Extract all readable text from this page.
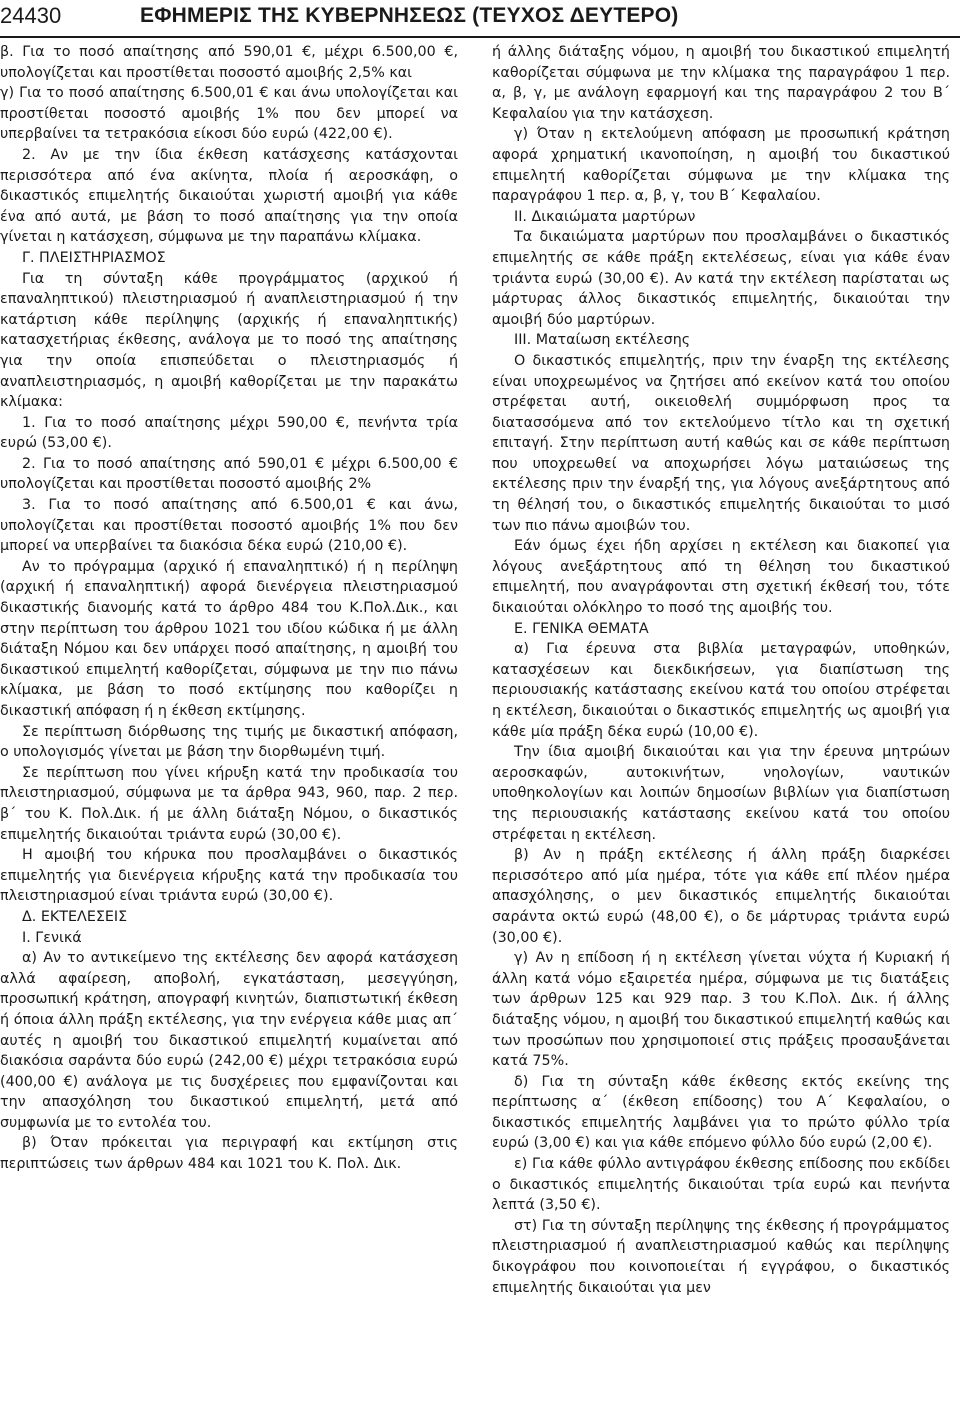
24430	ΕΦΗΜΕΡΙΣ ΤΗΣ ΚΥΒΕΡΝΗΣΕΩΣ (ΤΕΥΧΟΣ ΔΕΥΤΕΡΟ)

β. Για το ποσό απαίτησης από 590,01 €, μέχρι 6.500,00 €, υπολογίζεται και προστίθεται ποσοστό αμοιβής 2,5% και

γ) Για το ποσό απαίτησης 6.500,01 € και άνω υπολογίζεται και προστίθεται ποσοστό αμοιβής 1% που δεν μπορεί να υπερβαίνει τα τετρακόσια είκοσι δύο ευρώ (422,00 €).

2. Αν με την ίδια έκθεση κατάσχεσης κατάσχονται περισσότερα από ένα ακίνητα, πλοία ή αεροσκάφη, ο δικαστικός επιμελητής δικαιούται χωριστή αμοιβή για κάθε ένα από αυτά, με βάση το ποσό απαίτησης για την οποία γίνεται η κατάσχεση, σύμφωνα με την παραπάνω κλίμακα.

Γ. ΠΛΕΙΣΤΗΡΙΑΣΜΟΣ

Για τη σύνταξη κάθε προγράμματος (αρχικού ή επαναληπτικού) πλειστηριασμού ή αναπλειστηριασμού ή την κατάρτιση κάθε περίληψης (αρχικής ή επαναληπτικής) κατασχετήριας έκθεσης, ανάλογα με το ποσό της απαίτησης για την οποία επισπεύδεται ο πλειστηριασμός ή αναπλειστηριασμός, η αμοιβή καθορίζεται με την παρακάτω κλίμακα:

1. Για το ποσό απαίτησης μέχρι 590,00 €, πενήντα τρία ευρώ (53,00 €).

2. Για το ποσό απαίτησης από 590,01 € μέχρι 6.500,00 € υπολογίζεται και προστίθεται ποσοστό αμοιβής 2%

3. Για το ποσό απαίτησης από 6.500,01 € και άνω, υπολογίζεται και προστίθεται ποσοστό αμοιβής 1% που δεν μπορεί να υπερβαίνει τα διακόσια δέκα ευρώ (210,00 €).

Αν το πρόγραμμα (αρχικό ή επαναληπτικό) ή η περίληψη (αρχική ή επαναληπτική) αφορά διενέργεια πλειστηριασμού δικαστικής διανομής κατά το άρθρο 484 του Κ.Πολ.Δικ., και στην περίπτωση του άρθρου 1021 του ιδίου κώδικα ή με άλλη διάταξη Νόμου και δεν υπάρχει ποσό απαίτησης, η αμοιβή του δικαστικού επιμελητή καθορίζεται, σύμφωνα με την πιο πάνω κλίμακα, με βάση το ποσό εκτίμησης που καθορίζει η δικαστική απόφαση ή η έκθεση εκτίμησης.

Σε περίπτωση διόρθωσης της τιμής με δικαστική απόφαση, ο υπολογισμός γίνεται με βάση την διορθωμένη τιμή.

Σε περίπτωση που γίνει κήρυξη κατά την προδικασία του πλειστηριασμού, σύμφωνα με τα άρθρα 943, 960, παρ. 2 περ. β΄ του Κ. Πολ.Δικ. ή με άλλη διάταξη Νόμου, ο δικαστικός επιμελητής δικαιούται τριάντα ευρώ (30,00 €).

Η αμοιβή του κήρυκα που προσλαμβάνει ο δικαστικός επιμελητής για διενέργεια κήρυξης κατά την προδικασία του πλειστηριασμού είναι τριάντα ευρώ (30,00 €).

Δ. ΕΚΤΕΛΕΣΕΙΣ

Ι. Γενικά

α) Αν το αντικείμενο της εκτέλεσης δεν αφορά κατάσχεση αλλά αφαίρεση, αποβολή, εγκατάσταση, μεσεγγύηση, προσωπική κράτηση, απογραφή κινητών, διαπιστωτική έκθεση ή όποια άλλη πράξη εκτέλεσης, για την ενέργεια κάθε μιας απ΄ αυτές η αμοιβή του δικαστικού επιμελητή κυμαίνεται από διακόσια σαράντα δύο ευρώ (242,00 €) μέχρι τετρακόσια ευρώ (400,00 €) ανάλογα με τις δυσχέρειες που εμφανίζονται και την απασχόληση του δικαστικού επιμελητή, μετά από συμφωνία με το εντολέα του.

β) Όταν πρόκειται για περιγραφή και εκτίμηση στις περιπτώσεις των άρθρων 484 και 1021 του Κ. Πολ. Δικ.

ή άλλης διάταξης νόμου, η αμοιβή του δικαστικού επιμελητή καθορίζεται σύμφωνα με την κλίμακα της παραγράφου 1 περ. α, β, γ, με ανάλογη εφαρμογή και της παραγράφου 2 του Β΄ Κεφαλαίου για την κατάσχεση.

γ) Όταν η εκτελούμενη απόφαση με προσωπική κράτηση αφορά χρηματική ικανοποίηση, η αμοιβή του δικαστικού επιμελητή καθορίζεται σύμφωνα με την κλίμακα της παραγράφου 1 περ. α, β, γ, του Β΄ Κεφαλαίου.

ΙΙ. Δικαιώματα μαρτύρων

Τα δικαιώματα μαρτύρων που προσλαμβάνει ο δικαστικός επιμελητής σε κάθε πράξη εκτελέσεως, είναι για κάθε έναν τριάντα ευρώ (30,00 €). Αν κατά την εκτέλεση παρίσταται ως μάρτυρας άλλος δικαστικός επιμελητής, δικαιούται την αμοιβή δύο μαρτύρων.

ΙΙΙ. Ματαίωση εκτέλεσης

Ο δικαστικός επιμελητής, πριν την έναρξη της εκτέλεσης είναι υποχρεωμένος να ζητήσει από εκείνον κατά του οποίου στρέφεται αυτή, οικειοθελή συμμόρφωση προς τα διατασσόμενα από τον εκτελούμενο τίτλο και τη σχετική επιταγή. Στην περίπτωση αυτή καθώς και σε κάθε περίπτωση που υποχρεωθεί να αποχωρήσει λόγω ματαιώσεως της εκτέλεσης πριν την έναρξή της, για λόγους ανεξάρτητους από τη θέλησή του, ο δικαστικός επιμελητής δικαιούται το μισό των πιο πάνω αμοιβών του.

Εάν όμως έχει ήδη αρχίσει η εκτέλεση και διακοπεί για λόγους ανεξάρτητους από τη θέληση του δικαστικού επιμελητή, που αναγράφονται στη σχετική έκθεσή του, τότε δικαιούται ολόκληρο το ποσό της αμοιβής του.

Ε. ΓΕΝΙΚΑ ΘΕΜΑΤΑ

α) Για έρευνα στα βιβλία μεταγραφών, υποθηκών, κατασχέσεων και διεκδικήσεων, για διαπίστωση της περιουσιακής κατάστασης εκείνου κατά του οποίου στρέφεται η εκτέλεση, δικαιούται ο δικαστικός επιμελητής ως αμοιβή για κάθε μία πράξη δέκα ευρώ (10,00 €).

Την ίδια αμοιβή δικαιούται και για την έρευνα μητρώων αεροσκαφών, αυτοκινήτων, νηολογίων, ναυτικών υποθηκολογίων και λοιπών δημοσίων βιβλίων για διαπίστωση της περιουσιακής κατάστασης εκείνου κατά του οποίου στρέφεται η εκτέλεση.

β) Αν η πράξη εκτέλεσης ή άλλη πράξη διαρκέσει περισσότερο από μία ημέρα, τότε για κάθε επί πλέον ημέρα απασχόλησης, ο μεν δικαστικός επιμελητής δικαιούται σαράντα οκτώ ευρώ (48,00 €), ο δε μάρτυρας τριάντα ευρώ (30,00 €).

γ) Αν η επίδοση ή η εκτέλεση γίνεται νύχτα ή Κυριακή ή άλλη κατά νόμο εξαιρετέα ημέρα, σύμφωνα με τις διατάξεις των άρθρων 125 και 929 παρ. 3 του Κ.Πολ. Δικ. ή άλλης διάταξης νόμου, η αμοιβή του δικαστικού επιμελητή καθώς και των προσώπων που χρησιμοποιεί στις πράξεις προσαυξάνεται κατά 75%.

δ) Για τη σύνταξη κάθε έκθεσης εκτός εκείνης της περίπτωσης α΄ (έκθεση επίδοσης) του Α΄ Κεφαλαίου, ο δικαστικός επιμελητής λαμβάνει για το πρώτο φύλλο τρία ευρώ (3,00 €) και για κάθε επόμενο φύλλο δύο ευρώ (2,00 €).

ε) Για κάθε φύλλο αντιγράφου έκθεσης επίδοσης που εκδίδει ο δικαστικός επιμελητής δικαιούται τρία ευρώ και πενήντα λεπτά (3,50 €).

στ) Για τη σύνταξη περίληψης της έκθεσης ή προγράμματος πλειστηριασμού ή αναπλειστηριασμού καθώς και περίληψης δικογράφου που κοινοποιείται ή εγγράφου, ο δικαστικός επιμελητής δικαιούται για μεν
